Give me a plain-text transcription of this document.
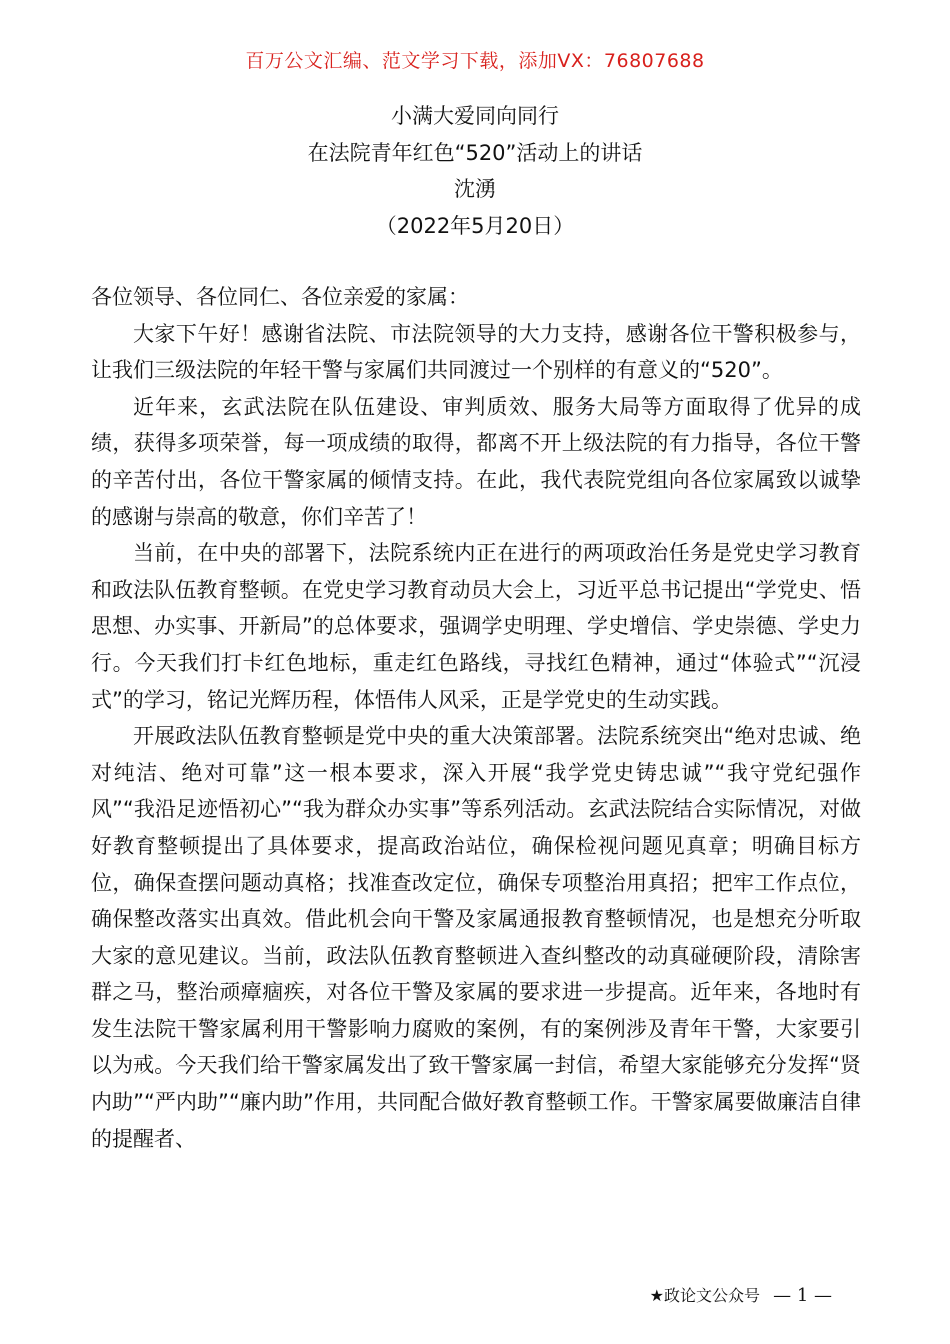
百万公文汇编、范文学习下载，添加VX：76807688
小满大爱同向同行
在法院青年红色“520”活动上的讲话
沈湧
（2022年5月20日）

各位领导、各位同仁、各位亲爱的家属：

大家下午好！感谢省法院、市法院领导的大力支持，感谢各位干警积极参与，让我们三级法院的年轻干警与家属们共同渡过一个别样的有意义的“520”。

近年来，玄武法院在队伍建设、审判质效、服务大局等方面取得了优异的成绩，获得多项荣誉，每一项成绩的取得，都离不开上级法院的有力指导，各位干警的辛苦付出，各位干警家属的倾情支持。在此，我代表院党组向各位家属致以诚挚的感谢与崇高的敬意，你们辛苦了！

当前，在中央的部署下，法院系统内正在进行的两项政治任务是党史学习教育和政法队伍教育整顿。在党史学习教育动员大会上，习近平总书记提出“学党史、悟思想、办实事、开新局”的总体要求，强调学史明理、学史增信、学史崇德、学史力行。今天我们打卡红色地标，重走红色路线，寻找红色精神，通过“体验式”“沉浸式”的学习，铭记光辉历程，体悟伟人风采，正是学党史的生动实践。

开展政法队伍教育整顿是党中央的重大决策部署。法院系统突出“绝对忠诚、绝对纯洁、绝对可靠”这一根本要求，深入开展“我学党史铸忠诚”“我守党纪强作风”“我沿足迹悟初心”“我为群众办实事”等系列活动。玄武法院结合实际情况，对做好教育整顿提出了具体要求，提高政治站位，确保检视问题见真章；明确目标方位，确保查摆问题动真格；找准查改定位，确保专项整治用真招；把牢工作点位，确保整改落实出真效。借此机会向干警及家属通报教育整顿情况，也是想充分听取大家的意见建议。当前，政法队伍教育整顿进入查纠整改的动真碰硬阶段，清除害群之马，整治顽瘴痼疾，对各位干警及家属的要求进一步提高。近年来，各地时有发生法院干警家属利用干警影响力腐败的案例，有的案例涉及青年干警，大家要引以为戒。今天我们给干警家属发出了致干警家属一封信，希望大家能够充分发挥“贤内助”“严内助”“廉内助”作用，共同配合做好教育整顿工作。干警家属要做廉洁自律的提醒者、

★政论文公众号 — 1 —
